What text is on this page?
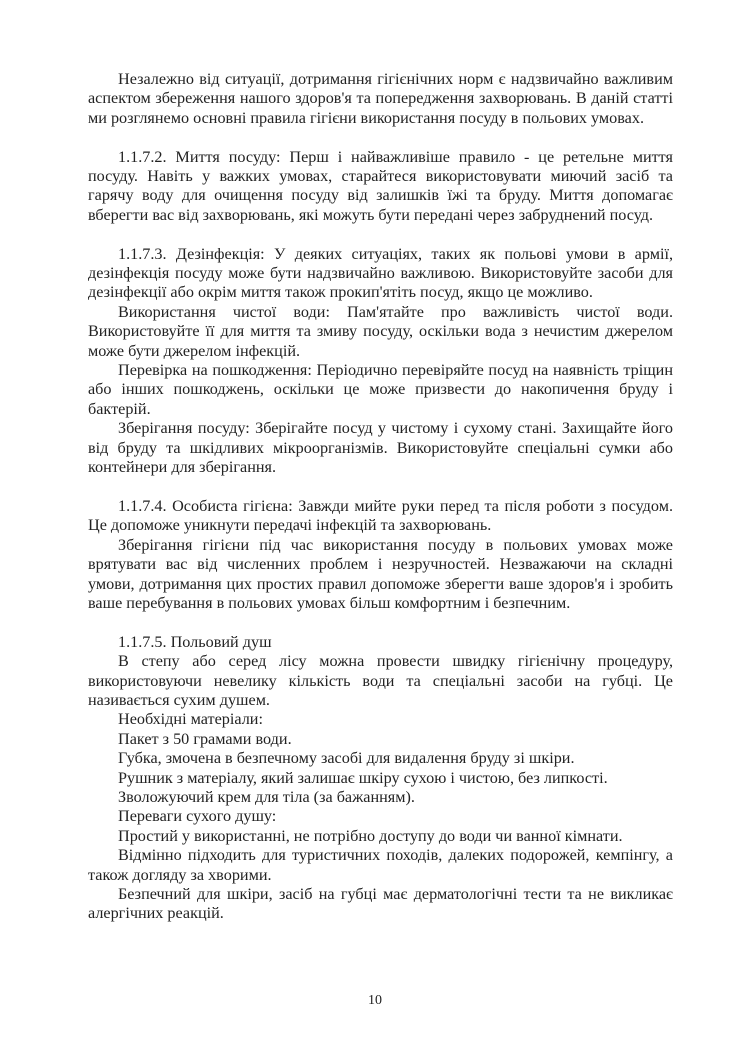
Незалежно від ситуації, дотримання гігієнічних норм є надзвичайно важливим аспектом збереження нашого здоров'я та попередження захворювань. В даній статті ми розглянемо основні правила гігієни використання посуду в польових умовах.

1.1.7.2. Миття посуду: Перш і найважливіше правило - це ретельне миття посуду. Навіть у важких умовах, старайтеся використовувати миючий засіб та гарячу воду для очищення посуду від залишків їжі та бруду. Миття допомагає вберегти вас від захворювань, які можуть бути передані через забруднений посуд.

1.1.7.3. Дезінфекція: У деяких ситуаціях, таких як польові умови в армії, дезінфекція посуду може бути надзвичайно важливою. Використовуйте засоби для дезінфекції або окрім миття також прокип'ятіть посуд, якщо це можливо.

Використання чистої води: Пам'ятайте про важливість чистої води. Використовуйте її для миття та змиву посуду, оскільки вода з нечистим джерелом може бути джерелом інфекцій.

Перевірка на пошкодження: Періодично перевіряйте посуд на наявність тріщин або інших пошкоджень, оскільки це може призвести до накопичення бруду і бактерій.

Зберігання посуду: Зберігайте посуд у чистому і сухому стані. Захищайте його від бруду та шкідливих мікроорганізмів. Використовуйте спеціальні сумки або контейнери для зберігання.

1.1.7.4. Особиста гігієна: Завжди мийте руки перед та після роботи з посудом. Це допоможе уникнути передачі інфекцій та захворювань.

Зберігання гігієни під час використання посуду в польових умовах може врятувати вас від численних проблем і незручностей. Незважаючи на складні умови, дотримання цих простих правил допоможе зберегти ваше здоров'я і зробить ваше перебування в польових умовах більш комфортним і безпечним.

1.1.7.5. Польовий душ

В степу або серед лісу можна провести швидку гігієнічну процедуру, використовуючи невелику кількість води та спеціальні засоби на губці. Це називається сухим душем.

Необхідні матеріали:

Пакет з 50 грамами води.

Губка, змочена в безпечному засобі для видалення бруду зі шкіри.

Рушник з матеріалу, який залишає шкіру сухою і чистою, без липкості.

Зволожуючий крем для тіла (за бажанням).

Переваги сухого душу:

Простий у використанні, не потрібно доступу до води чи ванної кімнати.

Відмінно підходить для туристичних походів, далеких подорожей, кемпінгу, а також догляду за хворими.

Безпечний для шкіри, засіб на губці має дерматологічні тести та не викликає алергічних реакцій.

10
